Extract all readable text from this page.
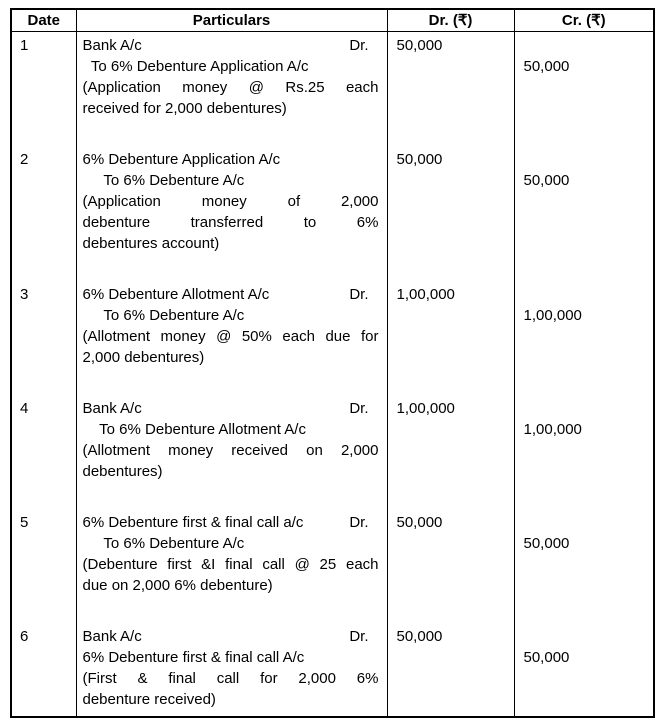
Date	Particulars	Dr. (₹)	Cr. (₹)
1	Bank A/c Dr.
To 6% Debenture Application A/c
(Application money @ Rs.25 each
received for 2,000 debentures)	50,000	50,000

2	6% Debenture Application A/c
To 6% Debenture A/c
(Application money of 2,000
debenture transferred to 6%
debentures account)	50,000	50,000

3	6% Debenture Allotment A/c Dr.
To 6% Debenture A/c
(Allotment money @ 50% each due for
2,000 debentures)	1,00,000	1,00,000

4	Bank A/c Dr.
To 6% Debenture Allotment A/c
(Allotment money received on 2,000
debentures)	1,00,000	1,00,000

5	6% Debenture first & final call a/c Dr.
To 6% Debenture A/c
(Debenture first &I final call @ 25 each
due on 2,000 6% debenture)	50,000	50,000

6	Bank A/c Dr.
6% Debenture first & final call A/c
(First & final call for 2,000 6%
debenture received)	50,000	50,000
